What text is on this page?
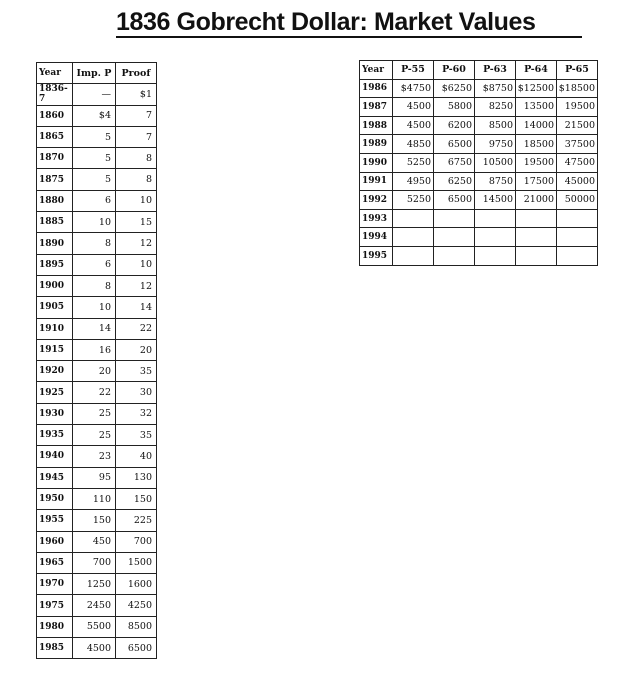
1836 Gobrecht Dollar: Market Values
Year	Imp. P	Proof
1836-7	—	$1
1860	$4	7
1865	5	7
1870	5	8
1875	5	8
1880	6	10
1885	10	15
1890	8	12
1895	6	10
1900	8	12
1905	10	14
1910	14	22
1915	16	20
1920	20	35
1925	22	30
1930	25	32
1935	25	35
1940	23	40
1945	95	130
1950	110	150
1955	150	225
1960	450	700
1965	700	1500
1970	1250	1600
1975	2450	4250
1980	5500	8500
1985	4500	6500
Year	P-55	P-60	P-63	P-64	P-65
1986	$4750	$6250	$8750	$12500	$18500
1987	4500	5800	8250	13500	19500
1988	4500	6200	8500	14000	21500
1989	4850	6500	9750	18500	37500
1990	5250	6750	10500	19500	47500
1991	4950	6250	8750	17500	45000
1992	5250	6500	14500	21000	50000
1993					
1994					
1995					
